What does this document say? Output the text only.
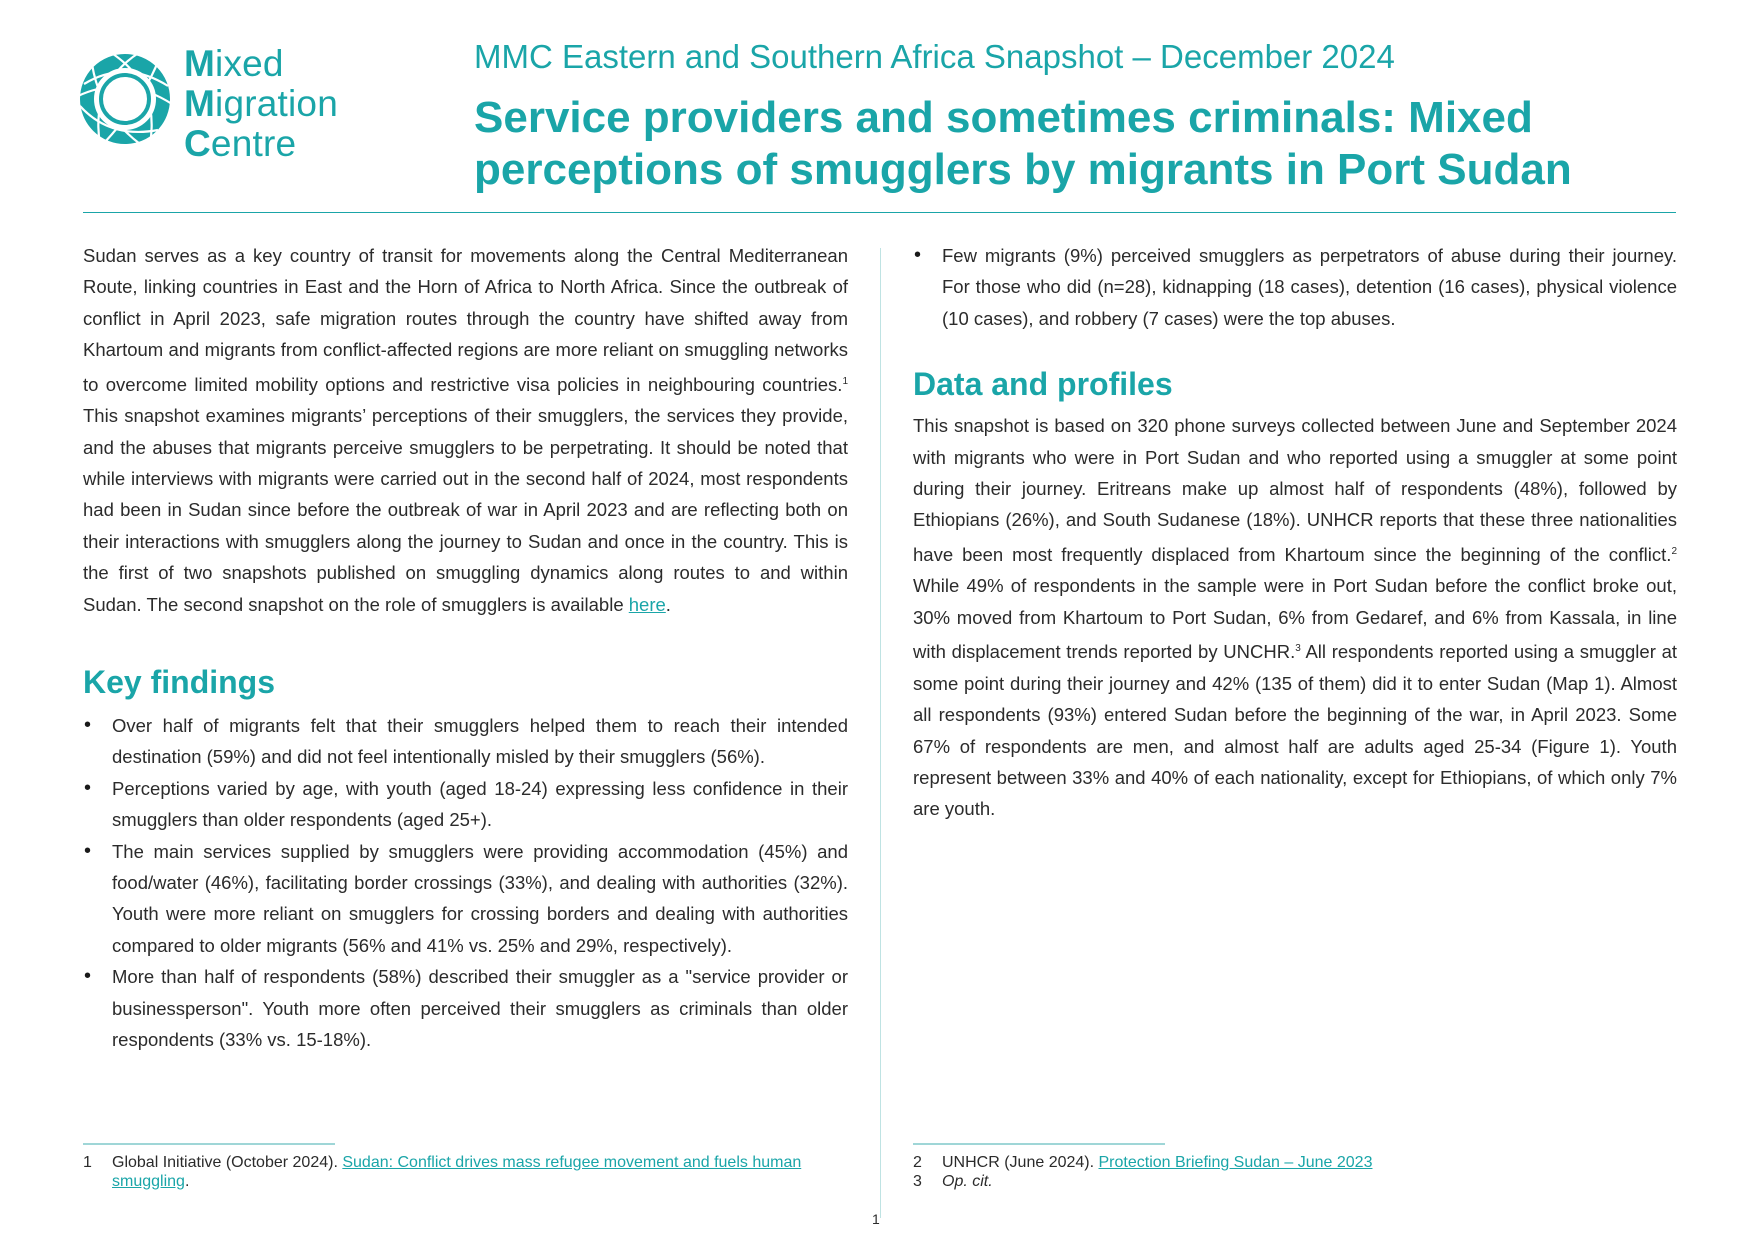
Mixed
Migration
Centre
MMC Eastern and Southern Africa Snapshot – December 2024
Service providers and sometimes criminals: Mixed perceptions of smugglers by migrants in Port Sudan

Sudan serves as a key country of transit for movements along the Central Mediterranean Route, linking countries in East and the Horn of Africa to North Africa. Since the outbreak of conflict in April 2023, safe migration routes through the country have shifted away from Khartoum and migrants from conflict-affected regions are more reliant on smuggling networks to overcome limited mobility options and restrictive visa policies in neighbouring countries.$^1$ This snapshot examines migrants’ perceptions of their smugglers, the services they provide, and the abuses that migrants perceive smugglers to be perpetrating. It should be noted that while interviews with migrants were carried out in the second half of 2024, most respondents had been in Sudan since before the outbreak of war in April 2023 and are reflecting both on their interactions with smugglers along the journey to Sudan and once in the country. This is the first of two snapshots published on smuggling dynamics along routes to and within Sudan. The second snapshot on the role of smugglers is available here.

Key findings
• Over half of migrants felt that their smugglers helped them to reach their intended destination (59%) and did not feel intentionally misled by their smugglers (56%).
• Perceptions varied by age, with youth (aged 18-24) expressing less confidence in their smugglers than older respondents (aged 25+).
• The main services supplied by smugglers were providing accommodation (45%) and food/water (46%), facilitating border crossings (33%), and dealing with authorities (32%). Youth were more reliant on smugglers for crossing borders and dealing with authorities compared to older migrants (56% and 41% vs. 25% and 29%, respectively).
• More than half of respondents (58%) described their smuggler as a "service provider or businessperson". Youth more often perceived their smugglers as criminals than older respondents (33% vs. 15-18%).
• Few migrants (9%) perceived smugglers as perpetrators of abuse during their journey. For those who did (n=28), kidnapping (18 cases), detention (16 cases), physical violence (10 cases), and robbery (7 cases) were the top abuses.
Data and profiles

This snapshot is based on 320 phone surveys collected between June and September 2024 with migrants who were in Port Sudan and who reported using a smuggler at some point during their journey. Eritreans make up almost half of respondents (48%), followed by Ethiopians (26%), and South Sudanese (18%). UNHCR reports that these three nationalities have been most frequently displaced from Khartoum since the beginning of the conflict.$^2$ While 49% of respondents in the sample were in Port Sudan before the conflict broke out, 30% moved from Khartoum to Port Sudan, 6% from Gedaref, and 6% from Kassala, in line with displacement trends reported by UNCHR.$^3$ All respondents reported using a smuggler at some point during their journey and 42% (135 of them) did it to enter Sudan (Map 1). Almost all respondents (93%) entered Sudan before the beginning of the war, in April 2023. Some 67% of respondents are men, and almost half are adults aged 25-34 (Figure 1). Youth represent between 33% and 40% of each nationality, except for Ethiopians, of which only 7% are youth.

1 Global Initiative (October 2024). Sudan: Conflict drives mass refugee movement and fuels human smuggling.
2 UNHCR (June 2024). Protection Briefing Sudan – June 2023
3 Op. cit.
1
